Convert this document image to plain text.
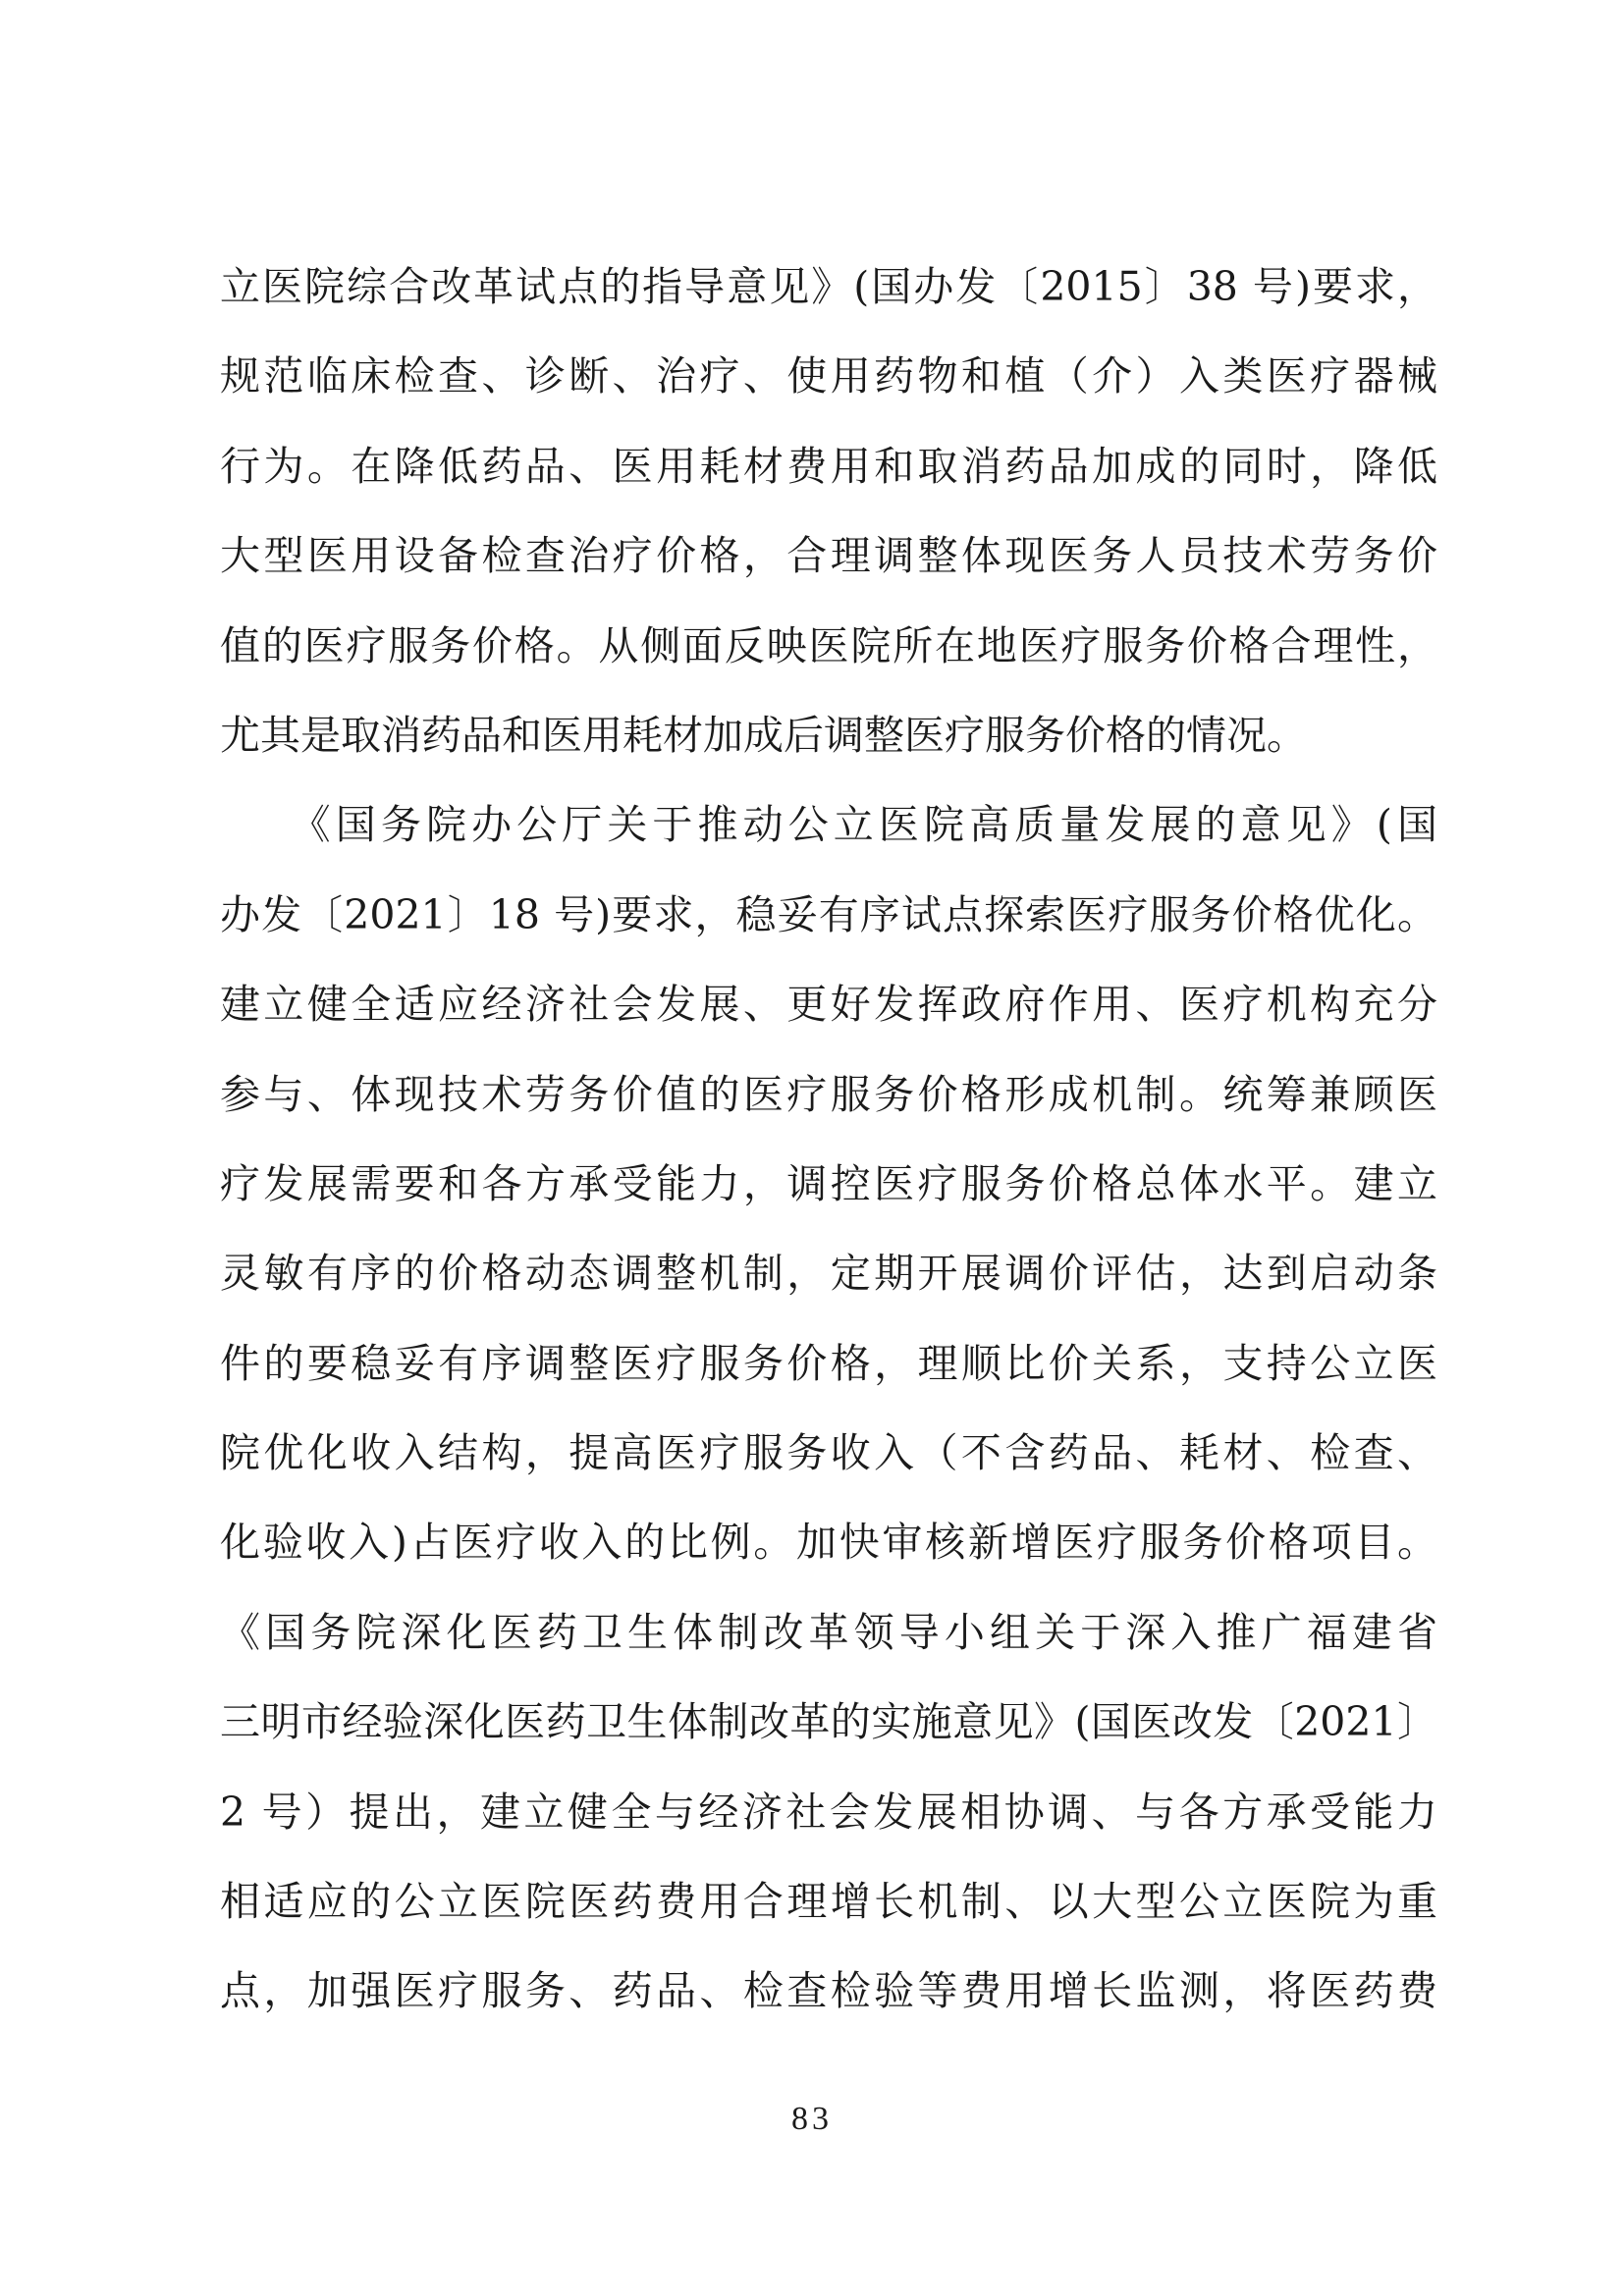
立医院综合改革试点的指导意见》(国办发〔2015〕38 号)要求，
规范临床检查、诊断、治疗、使用药物和植（介）入类医疗器械
行为。在降低药品、医用耗材费用和取消药品加成的同时，降低
大型医用设备检查治疗价格，合理调整体现医务人员技术劳务价
值的医疗服务价格。从侧面反映医院所在地医疗服务价格合理性，
尤其是取消药品和医用耗材加成后调整医疗服务价格的情况。
　　《国务院办公厅关于推动公立医院高质量发展的意见》(国
办发〔2021〕18 号)要求，稳妥有序试点探索医疗服务价格优化。
建立健全适应经济社会发展、更好发挥政府作用、医疗机构充分
参与、体现技术劳务价值的医疗服务价格形成机制。统筹兼顾医
疗发展需要和各方承受能力，调控医疗服务价格总体水平。建立
灵敏有序的价格动态调整机制，定期开展调价评估，达到启动条
件的要稳妥有序调整医疗服务价格，理顺比价关系，支持公立医
院优化收入结构，提高医疗服务收入（不含药品、耗材、检查、
化验收入)占医疗收入的比例。加快审核新增医疗服务价格项目。
《国务院深化医药卫生体制改革领导小组关于深入推广福建省
三明市经验深化医药卫生体制改革的实施意见》(国医改发〔2021〕
2 号）提出，建立健全与经济社会发展相协调、与各方承受能力
相适应的公立医院医药费用合理增长机制、以大型公立医院为重
点，加强医疗服务、药品、检查检验等费用增长监测，将医药费
83
